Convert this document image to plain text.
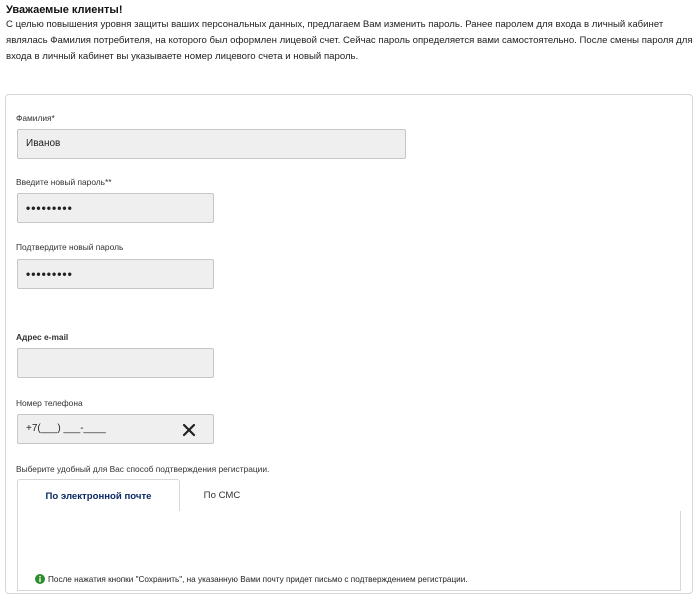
Уважаемые клиенты!
С целью повышения уровня защиты ваших персональных данных, предлагаем Вам изменить пароль. Ранее паролем для входа в личный кабинет являлась Фамилия потребителя, на которого был оформлен лицевой счет. Сейчас пароль определяется вами самостоятельно. После смены пароля для входа в личный кабинет вы указываете номер лицевого счета и новый пароль.
Фамилия*
Иванов
Введите новый пароль**
•••••••••
Подтвердите новый пароль
•••••••••
Адрес e-mail
Номер телефона
+7(___) ___-____
Выберите удобный для Вас способ подтверждения регистрации.
По электронной почте	По СМС
После нажатия кнопки "Сохранить", на указанную Вами почту придет письмо с подтверждением регистрации.
